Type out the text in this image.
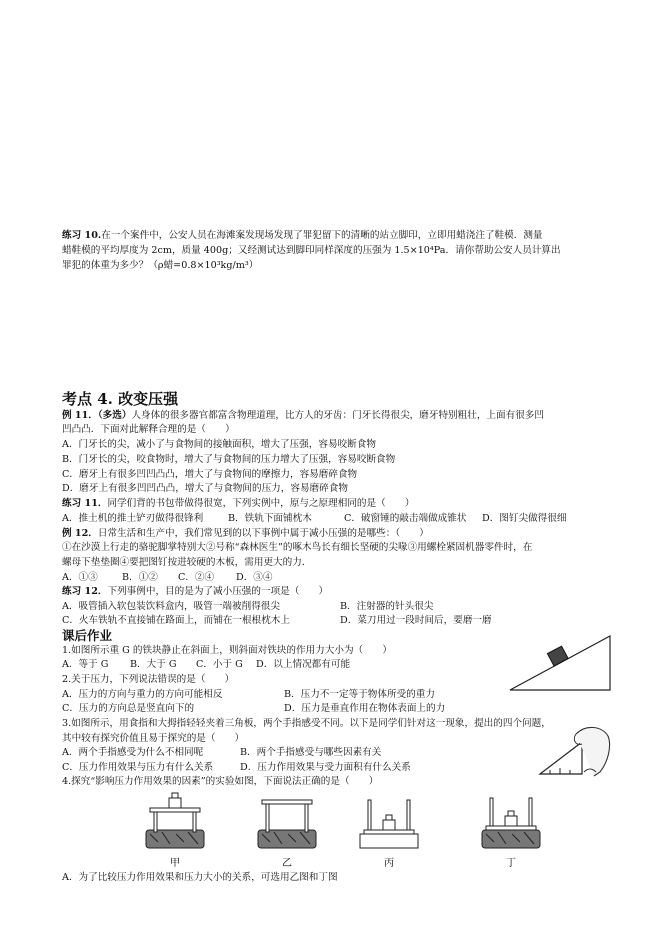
练习 10.在一个案件中，公安人员在海滩案发现场发现了罪犯留下的清晰的站立脚印，立即用蜡浇注了鞋模．测量
蜡鞋模的平均厚度为 2cm，质量 400g；又经测试达到脚印同样深度的压强为 1.5×10⁴Pa．请你帮助公安人员计算出
罪犯的体重为多少？（ρ蜡=0.8×10³kg/m³）
考点 4. 改变压强
例 11．（多选）人身体的很多器官都富含物理道理，比方人的牙齿：门牙长得很尖，磨牙特别粗壮，上面有很多凹
凹凸凸．下面对此解释合理的是（　　）
A．门牙长的尖，减小了与食物间的接触面积，增大了压强，容易咬断食物
B．门牙长的尖，咬食物时，增大了与食物间的压力增大了压强，容易咬断食物
C．磨牙上有很多凹凹凸凸，增大了与食物间的摩擦力，容易磨碎食物
D．磨牙上有很多凹凹凸凸，增大了与食物间的压力，容易磨碎食物
练习 11．同学们背的书包带做得很宽，下列实例中，原与之原理相同的是（　　）
A．推土机的推土铲刃做得很锋利	B．铁轨下面铺枕木	C．破窗锤的敲击端做成锥状 D．图钉尖做得很细
例 12．日常生活和生产中，我们常见到的以下事例中属于减小压强的是哪些：（　　）
①在沙漠上行走的骆驼脚掌特别大②号称“森林医生”的啄木鸟长有细长坚硬的尖喙③用螺栓紧固机器零件时，在
螺母下垫垫圈④要把图钉按进较硬的木板，需用更大的力．
A．①③	B．①② C．②④ D．③④
练习 12．下列事例中，目的是为了减小压强的一项是（　　）
A．吸管插入软包装饮料盒内，吸管一端被削得很尖	B．注射器的针头很尖
C．火车铁轨不直接铺在路面上，而铺在一根根枕木上	D．菜刀用过一段时间后，要磨一磨
课后作业
1.如图所示重 G 的铁块静止在斜面上，则斜面对铁块的作用力大小为（　　）
A．等于 G B．大于 G C．小于 G D．以上情况都有可能
2.关于压力，下列说法错误的是（　　）
A．压力的方向与重力的方向可能相反	B．压力不一定等于物体所受的重力
C．压力的方向总是竖直向下的	D．压力是垂直作用在物体表面上的力
3.如图所示，用食指和大拇指轻轻夹着三角板，两个手指感受不同。以下是同学们针对这一现象，提出的四个问题，
其中较有探究价值且易于探究的是（　　）
A．两个手指感受为什么不相同呢	B．两个手指感受与哪些因素有关
C．压力作用效果与压力有什么关系	D．压力作用效果与受力面积有什么关系
4.探究“影响压力作用效果的因素”的实验如图，下面说法正确的是（　　）
甲	乙	丙	丁
A．为了比较压力作用效果和压力大小的关系，可选用乙图和丁图
